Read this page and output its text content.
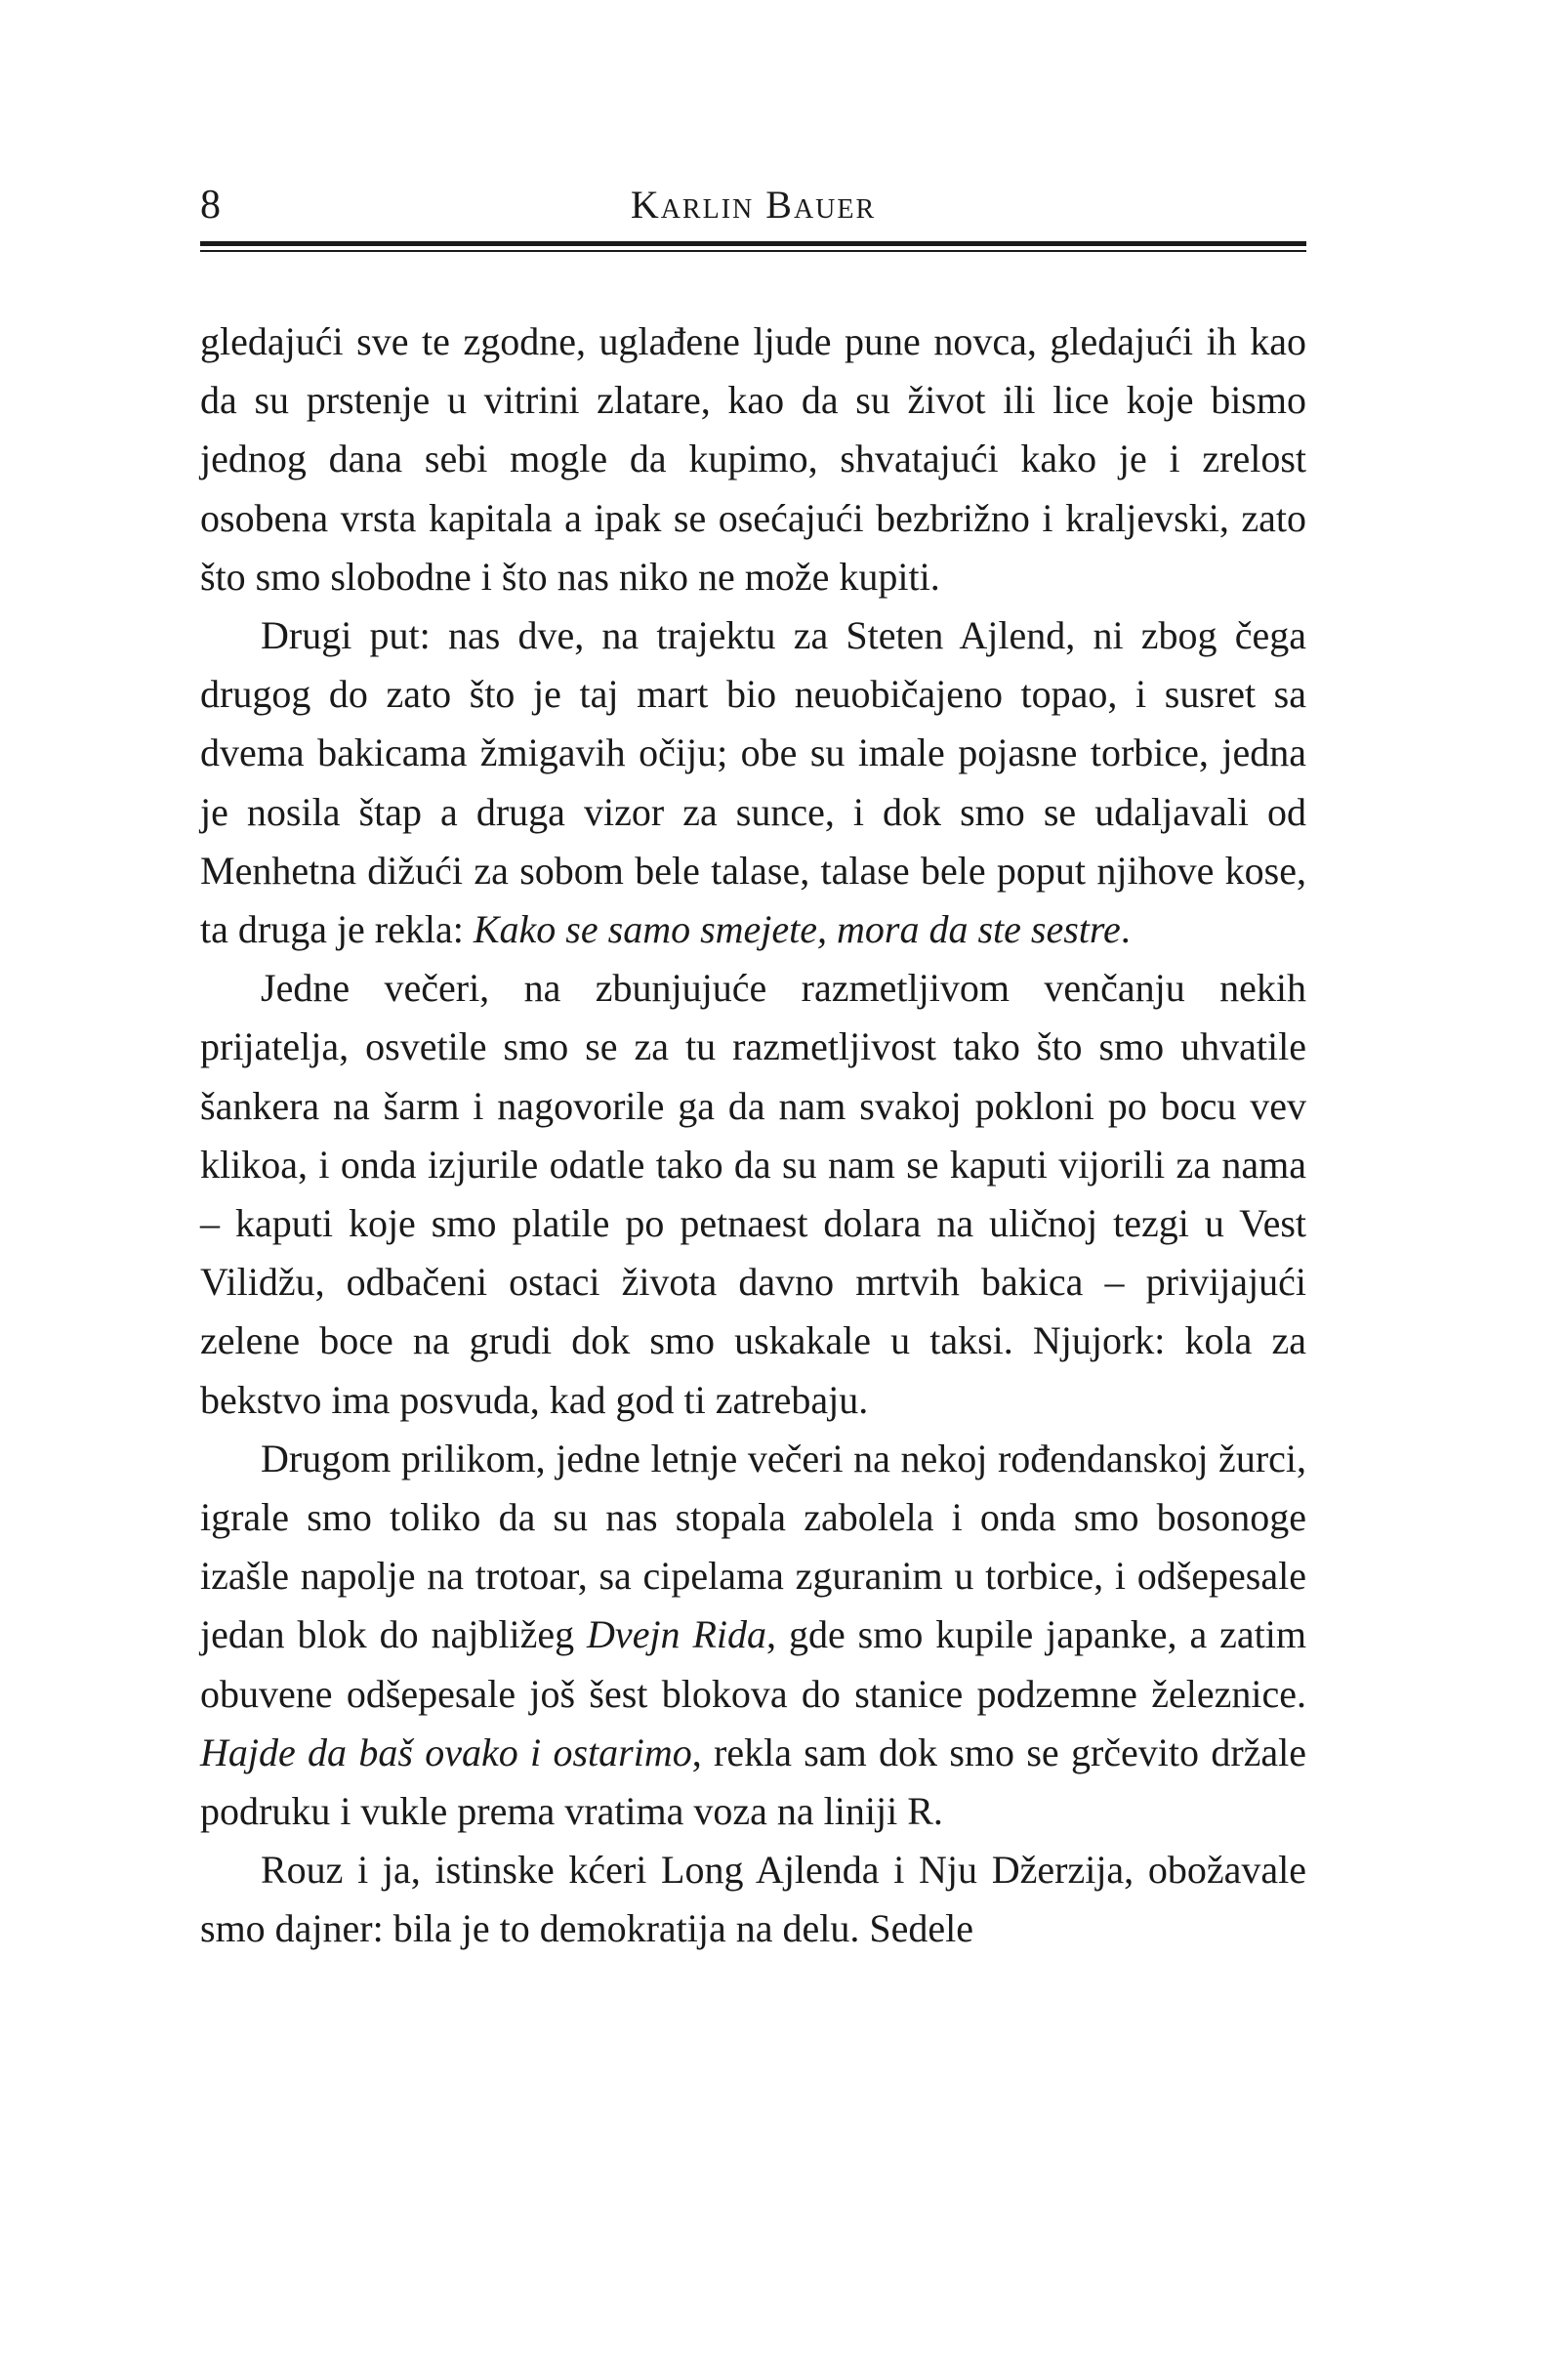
8	Karlin Bauer

gledajući sve te zgodne, uglađene ljude pune novca, gledajući ih kao da su prstenje u vitrini zlatare, kao da su život ili lice koje bismo jednog dana sebi mogle da kupimo, shvatajući kako je i zrelost osobena vrsta kapitala a ipak se osećajući bezbrižno i kraljevski, zato što smo slobodne i što nas niko ne može kupiti.

Drugi put: nas dve, na trajektu za Steten Ajlend, ni zbog čega drugog do zato što je taj mart bio neuobičajeno topao, i susret sa dvema bakicama žmigavih očiju; obe su imale pojasne torbice, jedna je nosila štap a druga vizor za sunce, i dok smo se udaljavali od Menhetna dižući za sobom bele talase, talase bele poput njihove kose, ta druga je rekla: Kako se samo smejete, mora da ste sestre.

Jedne večeri, na zbunjujuće razmetljivom venčanju nekih prijatelja, osvetile smo se za tu razmetljivost tako što smo uhvatile šankera na šarm i nagovorile ga da nam svakoj pokloni po bocu vev klikoa, i onda izjurile odatle tako da su nam se kaputi vijorili za nama – kaputi koje smo platile po petnaest dolara na uličnoj tezgi u Vest Vilidžu, odbačeni ostaci života davno mrtvih bakica – privijajući zelene boce na grudi dok smo uskakale u taksi. Njujork: kola za bekstvo ima posvuda, kad god ti zatrebaju.

Drugom prilikom, jedne letnje večeri na nekoj rođendanskoj žurci, igrale smo toliko da su nas stopala zabolela i onda smo bosonoge izašle napolje na trotoar, sa cipelama zguranim u torbice, i odšepesale jedan blok do najbližeg Dvejn Rida, gde smo kupile japanke, a zatim obuvene odšepesale još šest blokova do stanice podzemne železnice. Hajde da baš ovako i ostarimo, rekla sam dok smo se grčevito držale podruku i vukle prema vratima voza na liniji R.

Rouz i ja, istinske kćeri Long Ajlenda i Nju Džerzija, obožavale smo dajner: bila je to demokratija na delu. Sedele
